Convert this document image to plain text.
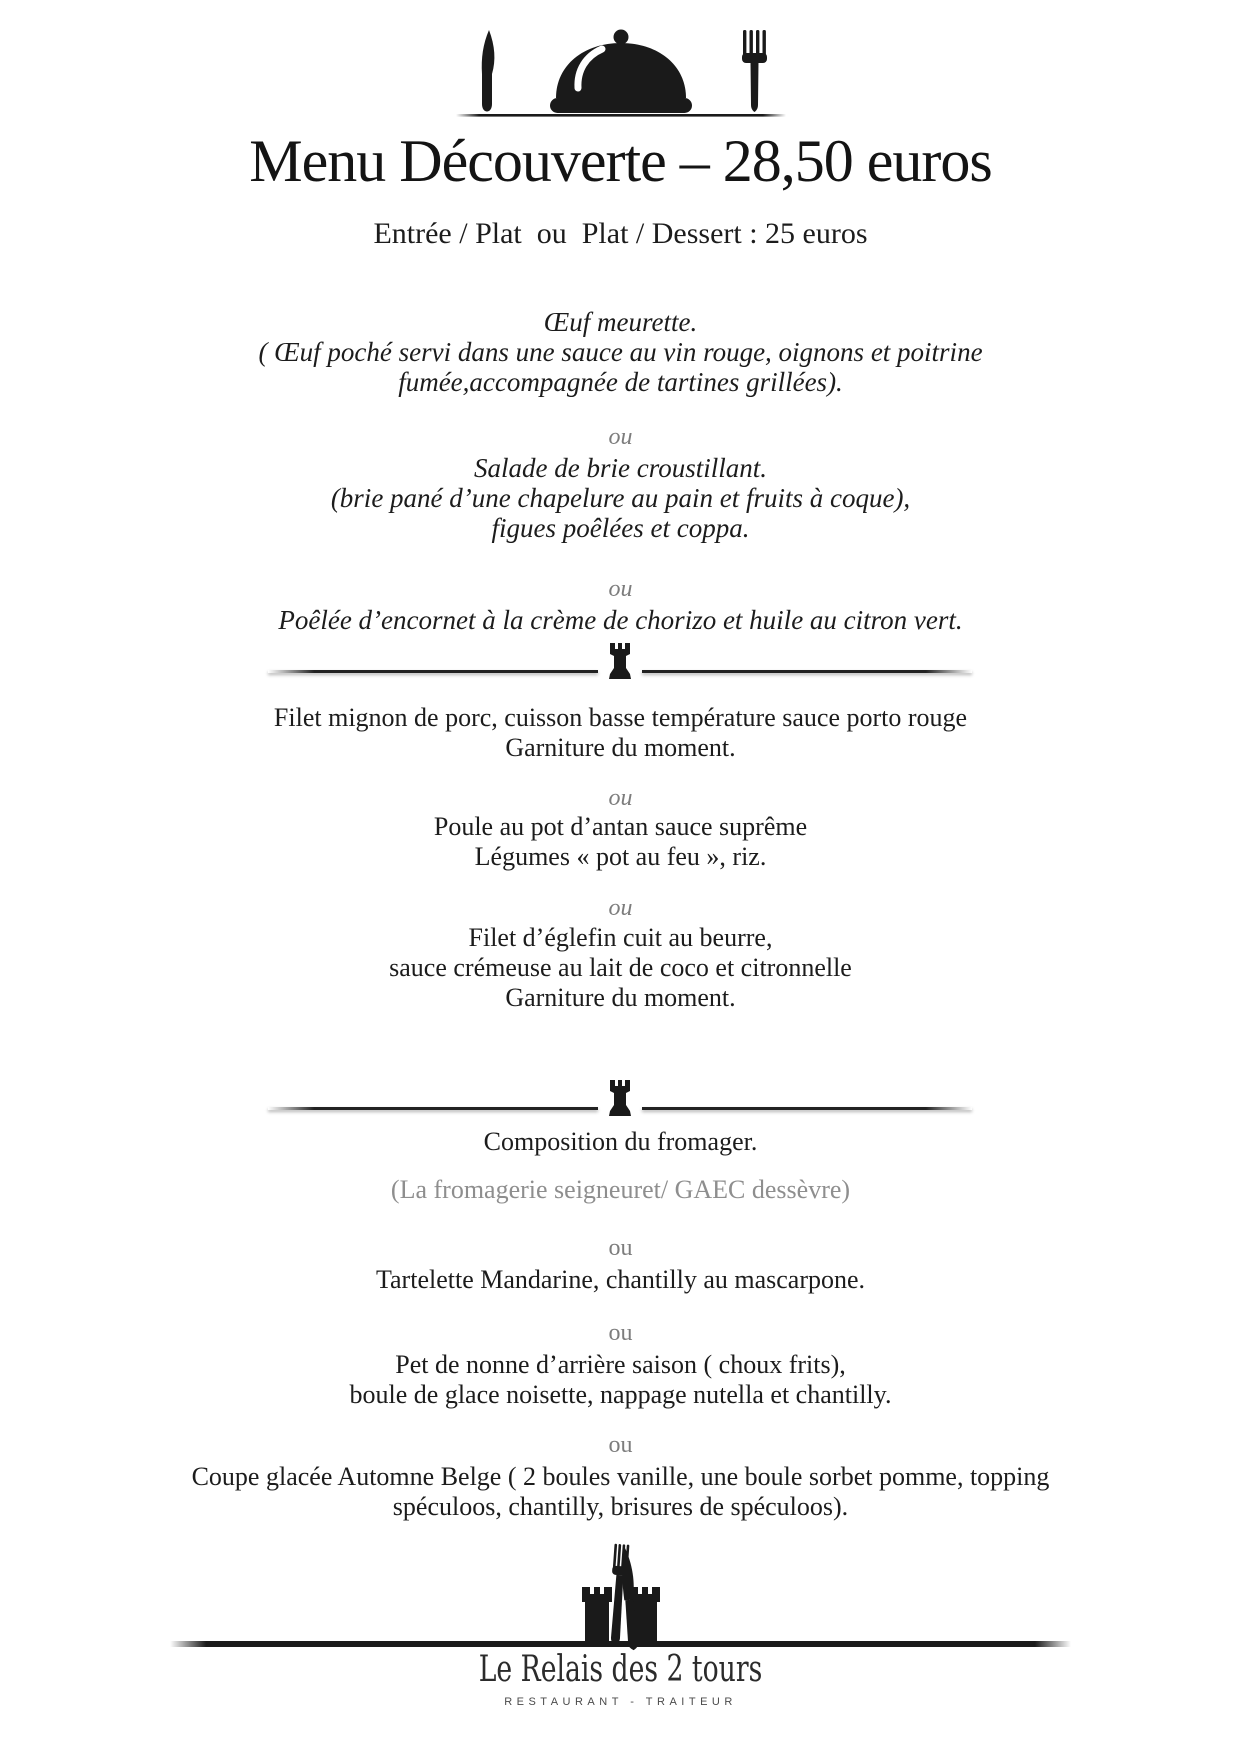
Menu Découverte – 28,50 euros
Entrée / Plat  ou  Plat / Dessert : 25 euros
Œuf meurette.
( Œuf poché servi dans une sauce au vin rouge, oignons et poitrine
fumée,accompagnée de tartines grillées).
ou
Salade de brie croustillant.
(brie pané d’une chapelure au pain et fruits à coque),
figues poêlées et coppa.
ou
Poêlée d’encornet à la crème de chorizo et huile au citron vert.
Filet mignon de porc, cuisson basse température sauce porto rouge
Garniture du moment.
ou
Poule au pot d’antan sauce suprême
Légumes « pot au feu », riz.
ou
Filet d’églefin cuit au beurre,
sauce crémeuse au lait de coco et citronnelle
Garniture du moment.
Composition du fromager.
(La fromagerie seigneuret/ GAEC dessèvre)
ou
Tartelette Mandarine, chantilly au mascarpone.
ou
Pet de nonne d’arrière saison ( choux frits),
boule de glace noisette, nappage nutella et chantilly.
ou
Coupe glacée Automne Belge ( 2 boules vanille, une boule sorbet pomme, topping
spéculoos, chantilly, brisures de spéculoos).
Le Relais des 2 tours
RESTAURANT - TRAITEUR
